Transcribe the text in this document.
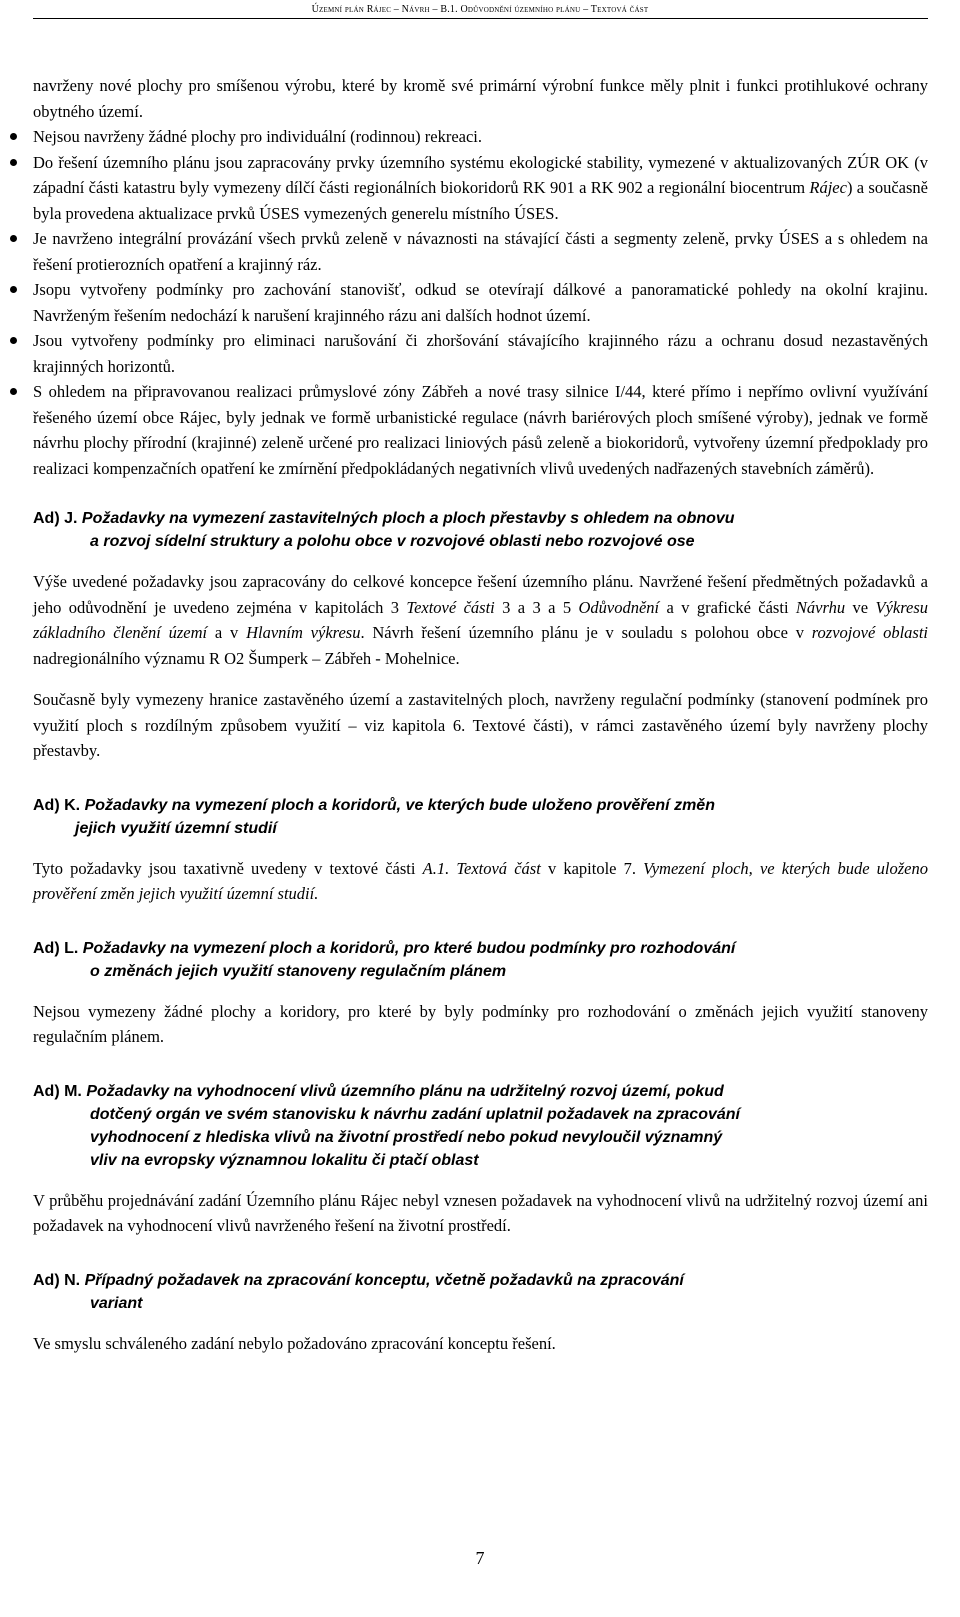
Územní plán Rájec – Návrh – B.1. Odůvodnění územního plánu – Textová část

navrženy nové plochy pro smíšenou výrobu, které by kromě své primární výrobní funkce měly plnit i funkci protihlukové ochrany obytného území.

Nejsou navrženy žádné plochy pro individuální (rodinnou) rekreaci.
Do řešení územního plánu jsou zapracovány prvky územního systému ekologické stability, vymezené v aktualizovaných ZÚR OK (v západní části katastru byly vymezeny dílčí části regionálních biokoridorů RK 901 a RK 902 a regionální biocentrum Rájec) a současně byla provedena aktualizace prvků ÚSES vymezených generelu místního ÚSES.
Je navrženo integrální provázání všech prvků zeleně v návaznosti na stávající části a segmenty zeleně, prvky ÚSES a s ohledem na řešení protierozních opatření a krajinný ráz.
Jsopu vytvořeny podmínky pro zachování stanovišť, odkud se otevírají dálkové a panoramatické pohledy na okolní krajinu. Navrženým řešením nedochází k narušení krajinného rázu ani dalších hodnot území.
Jsou vytvořeny podmínky pro eliminaci narušování či zhoršování stávajícího krajinného rázu a ochranu dosud nezastavěných krajinných horizontů.
S ohledem na připravovanou realizaci průmyslové zóny Zábřeh a nové trasy silnice I/44, které přímo i nepřímo ovlivní využívání řešeného území obce Rájec, byly jednak ve formě urbanistické regulace (návrh bariérových ploch smíšené výroby), jednak ve formě návrhu plochy přírodní (krajinné) zeleně určené pro realizaci liniových pásů zeleně a biokoridorů, vytvořeny územní předpoklady pro realizaci kompenzačních opatření ke zmírnění předpokládaných negativních vlivů uvedených nadřazených stavebních záměrů).
Ad) J. Požadavky na vymezení zastavitelných ploch a ploch přestavby s ohledem na obnovu
a rozvoj sídelní struktury a polohu obce v rozvojové oblasti nebo rozvojové ose

Výše uvedené požadavky jsou zapracovány do celkové koncepce řešení územního plánu. Navržené řešení předmětných požadavků a jeho odůvodnění je uvedeno zejména v kapitolách 3 Textové části 3 a 3 a 5 Odůvodnění a v grafické části Návrhu ve Výkresu základního členění území a v Hlavním výkresu. Návrh řešení územního plánu je v souladu s polohou obce v rozvojové oblasti nadregionálního významu R O2 Šumperk – Zábřeh - Mohelnice.

Současně byly vymezeny hranice zastavěného území a zastavitelných ploch, navrženy regulační podmínky (stanovení podmínek pro využití ploch s rozdílným způsobem využití – viz kapitola 6. Textové části), v rámci zastavěného území byly navrženy plochy přestavby.

Ad) K. Požadavky na vymezení ploch a koridorů, ve kterých bude uloženo prověření změn
jejich využití územní studií

Tyto požadavky jsou taxativně uvedeny v textové části A.1. Textová část v kapitole 7. Vymezení ploch, ve kterých bude uloženo prověření změn jejich využití územní studií.

Ad) L. Požadavky na vymezení ploch a koridorů, pro které budou podmínky pro rozhodování
o změnách jejich využití stanoveny regulačním plánem

Nejsou vymezeny žádné plochy a koridory, pro které by byly podmínky pro rozhodování o změnách jejich využití stanoveny regulačním plánem.

Ad) M. Požadavky na vyhodnocení vlivů územního plánu na udržitelný rozvoj území, pokud
dotčený orgán ve svém stanovisku k návrhu zadání uplatnil požadavek na zpracování
vyhodnocení z hlediska vlivů na životní prostředí nebo pokud nevyloučil významný
vliv na evropsky významnou lokalitu či ptačí oblast

V průběhu projednávání zadání Územního plánu Rájec nebyl vznesen požadavek na vyhodnocení vlivů na udržitelný rozvoj území ani požadavek na vyhodnocení vlivů navrženého řešení na životní prostředí.

Ad) N. Případný požadavek na zpracování konceptu, včetně požadavků na zpracování
variant

Ve smyslu schváleného zadání nebylo požadováno zpracování konceptu řešení.

7
